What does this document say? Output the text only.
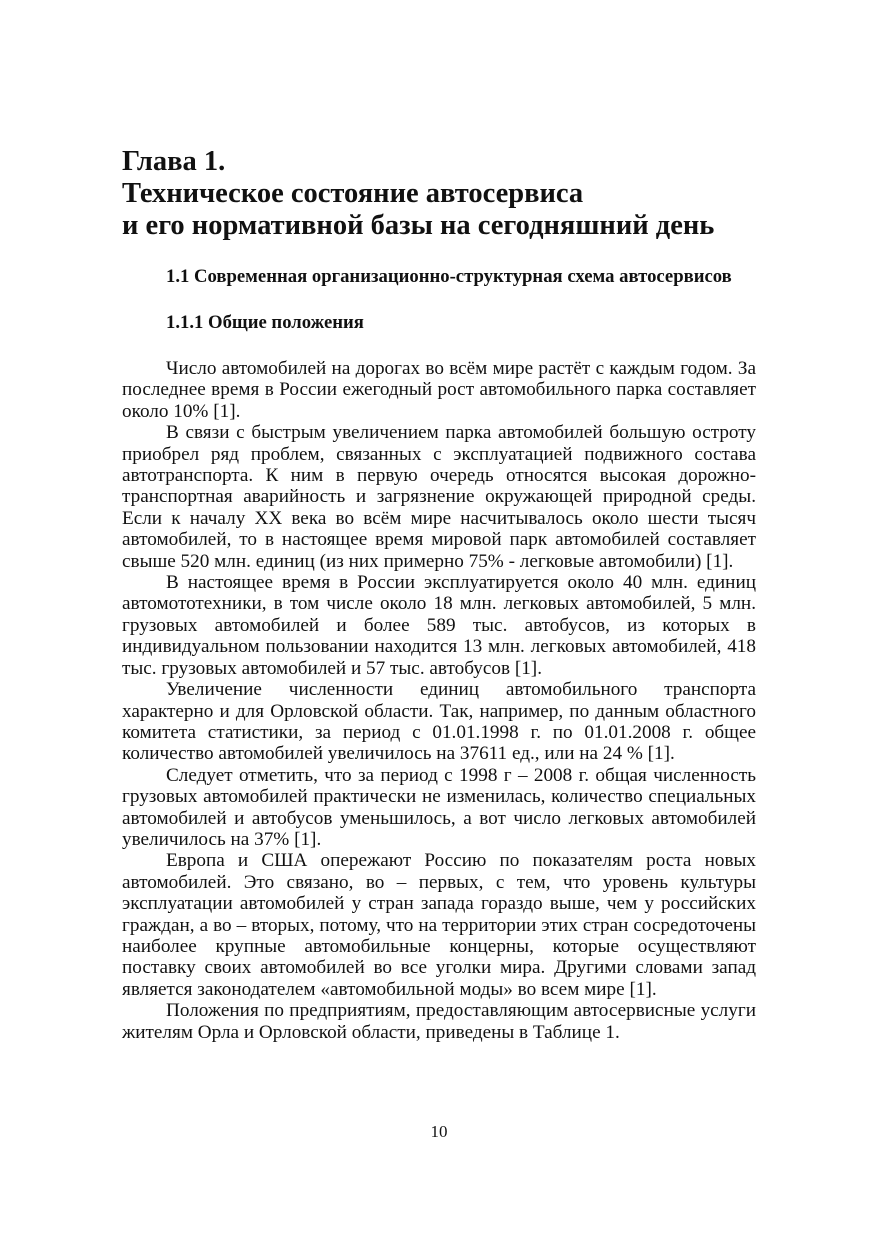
Глава 1.
Техническое состояние автосервиса
и его нормативной базы на сегодняшний день
1.1 Современная организационно-структурная схема автосервисов
1.1.1 Общие положения

Число автомобилей на дорогах во всём мире растёт с каждым годом. За последнее время в России ежегодный рост автомобильного парка составляет около 10% [1].

В связи с быстрым увеличением парка автомобилей большую остроту приобрел ряд проблем, связанных с эксплуатацией подвижного состава автотранспорта. К ним в первую очередь относятся высокая дорожно-транспортная аварийность и загрязнение окружающей природной среды. Если к началу XX века во всём мире насчитывалось около шести тысяч автомобилей, то в настоящее время мировой парк автомобилей составляет свыше 520 млн. единиц (из них примерно 75% - легковые автомобили) [1].

В настоящее время в России эксплуатируется около 40 млн. единиц автомототехники, в том числе около 18 млн. легковых автомобилей, 5 млн. грузовых автомобилей и более 589 тыс. автобусов, из которых в индивидуальном пользовании находится 13 млн. легковых автомобилей, 418 тыс. грузовых автомобилей и 57 тыс. автобусов [1].

Увеличение численности единиц автомобильного транспорта характерно и для Орловской области. Так, например, по данным областного комитета статистики, за период с 01.01.1998 г. по 01.01.2008 г. общее количество автомобилей увеличилось на 37611 ед., или на 24 % [1].

Следует отметить, что за период с 1998 г – 2008 г. общая численность грузовых автомобилей практически не изменилась, количество специальных автомобилей и автобусов уменьшилось, а вот число легковых автомобилей увеличилось на 37% [1].

Европа и США опережают Россию по показателям роста новых автомобилей. Это связано, во – первых, с тем, что уровень культуры эксплуатации автомобилей у стран запада гораздо выше, чем у российских граждан, а во – вторых, потому, что на территории этих стран сосредоточены наиболее крупные автомобильные концерны, которые осуществляют поставку своих автомобилей во все уголки мира. Другими словами запад является законодателем «автомобильной моды» во всем мире [1].

Положения по предприятиям, предоставляющим автосервисные услуги жителям Орла и Орловской области, приведены в Таблице 1.

10
